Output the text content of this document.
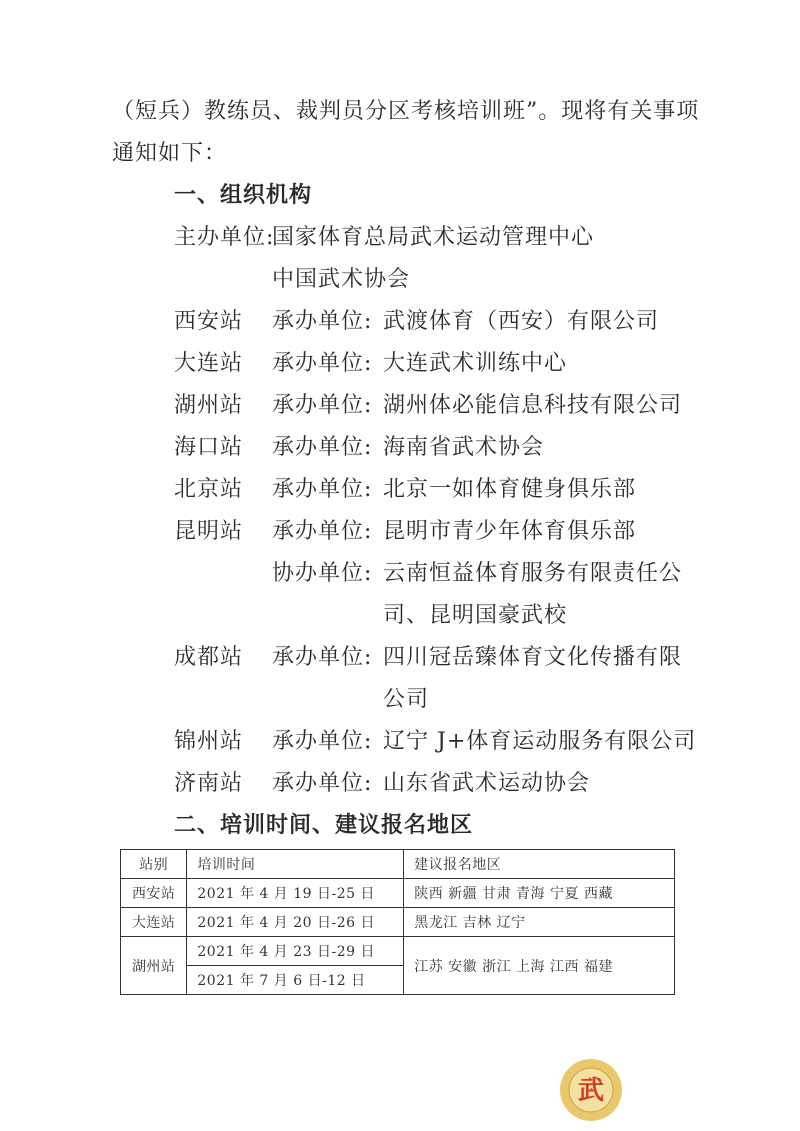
（短兵）教练员、裁判员分区考核培训班”。现将有关事项
通知如下：
一、组织机构
主办单位:
国家体育总局武术运动管理中心
中国武术协会
西安站 承办单位: 武渡体育（西安）有限公司
大连站 承办单位: 大连武术训练中心
湖州站 承办单位: 湖州体必能信息科技有限公司
海口站 承办单位: 海南省武术协会
北京站 承办单位: 北京一如体育健身俱乐部
昆明站 承办单位: 昆明市青少年体育俱乐部
协办单位: 云南恒益体育服务有限责任公
司、昆明国豪武校
成都站 承办单位: 四川冠岳臻体育文化传播有限
公司
锦州站 承办单位: 辽宁 J+体育运动服务有限公司
济南站 承办单位: 山东省武术运动协会
二、培训时间、建议报名地区
站别	培训时间	建议报名地区
西安站	2021 年 4 月 19 日-25 日	陕西 新疆 甘肃 青海 宁夏 西藏
大连站	2021 年 4 月 20 日-26 日	黑龙江 吉林 辽宁
湖州站	2021 年 4 月 23 日-29 日	江苏 安徽 浙江 上海 江西 福建
	2021 年 7 月 6 日-12 日	
武
